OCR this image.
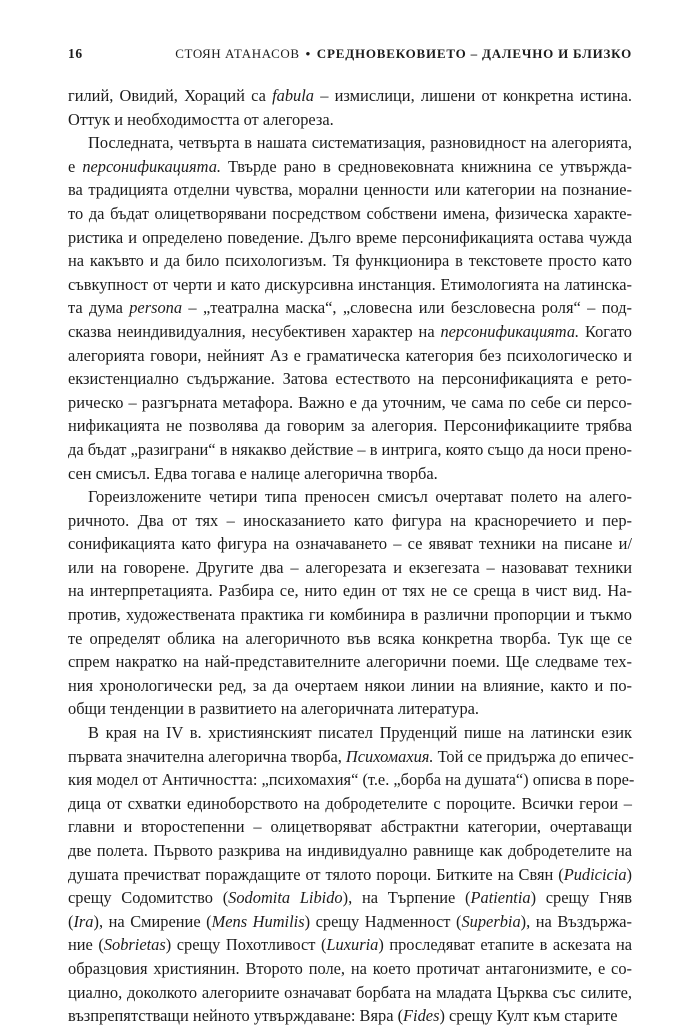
16	СТОЯН АТАНАСОВ • СРЕДНОВЕКОВИЕТО – ДАЛЕЧНО И БЛИЗКО
гилий, Овидий, Хораций са fabula – измислици, лишени от конкретна истина.
Оттук и необходимостта от алегореза.
Последната, четвърта в нашата систематизация, разновидност на алегорията,
е персонификацията. Твърде рано в средновековната книжнина се утвържда-
ва традицията отделни чувства, морални ценности или категории на познание-
то да бъдат олицетворявани посредством собствени имена, физическа характе-
ристика и определено поведение. Дълго време персонификацията остава чужда
на какъвто и да било психологизъм. Тя функционира в текстовете просто като
съвкупност от черти и като дискурсивна инстанция. Етимологията на латинска-
та дума persona – „театрална маска“, „словесна или безсловесна роля“ – под-
сказва неиндивидуалния, несубективен характер на персонификацията. Когато
алегорията говори, нейният Аз е граматическа категория без психологическо и
екзистенциално съдържание. Затова естеството на персонификацията е рето-
рическо – разгърната метафора. Важно е да уточним, че сама по себе си персо-
нификацията не позволява да говорим за алегория. Персонификациите трябва
да бъдат „разиграни“ в някакво действие – в интрига, която също да носи прено-
сен смисъл. Едва тогава е налице алегорична творба.
Гореизложените четири типа преносен смисъл очертават полето на алего-
ричното. Два от тях – иносказанието като фигура на красноречието и пер-
сонификацията като фигура на означаването – се явяват техники на писане и/
или на говорене. Другите два – алегорезата и екзегезата – назовават техники
на интерпретацията. Разбира се, нито един от тях не се среща в чист вид. На-
против, художествената практика ги комбинира в различни пропорции и тъкмо
те определят облика на алегоричното във всяка конкретна творба. Тук ще се
спрем накратко на най-представителните алегорични поеми. Ще следваме тех-
ния хронологически ред, за да очертаем някои линии на влияние, както и по-
общи тенденции в развитието на алегоричната литература.
В края на IV в. християнският писател Пруденций пише на латински език
първата значителна алегорична творба, Психомахия. Той се придържа до епичес-
кия модел от Античността: „психомахия“ (т.е. „борба на душата“) описва в поре-
дица от схватки единоборството на добродетелите с пороците. Всички герои –
главни и второстепенни – олицетворяват абстрактни категории, очертаващи
две полета. Първото разкрива на индивидуално равнище как добродетелите на
душата пречистват пораждащите от тялото пороци. Битките на Свян (Pudicicia)
срещу Содомитство (Sodomita Libido), на Търпение (Patientia) срещу Гняв
(Ira), на Смирение (Mens Humilis) срещу Надменност (Superbia), на Въздържа-
ние (Sobrietas) срещу Похотливост (Luxuria) проследяват етапите в аскезата на
образцовия християнин. Второто поле, на което протичат антагонизмите, е со-
циално, доколкото алегориите означават борбата на младата Църква със силите,
възпрепятстващи нейното утвърждаване: Вяра (Fides) срещу Култ към старите
